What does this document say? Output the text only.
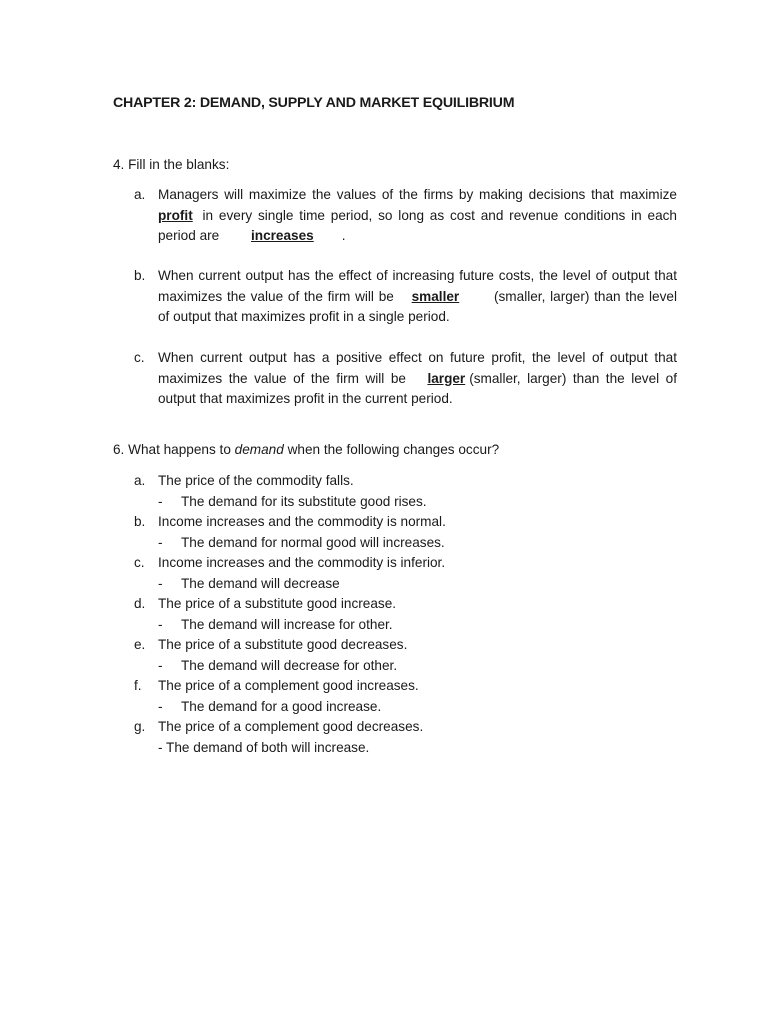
CHAPTER 2: DEMAND, SUPPLY AND MARKET EQUILIBRIUM

4. Fill in the blanks:

a. Managers will maximize the values of the firms by making decisions that maximize profit in every single time period, so long as cost and revenue conditions in each period are increases .
b. When current output has the effect of increasing future costs, the level of output that maximizes the value of the firm will be smaller (smaller, larger) than the level of output that maximizes profit in a single period.
c. When current output has a positive effect on future profit, the level of output that maximizes the value of the firm will be larger (smaller, larger) than the level of output that maximizes profit in the current period.

6. What happens to demand when the following changes occur?

a. The price of the commodity falls.
- The demand for its substitute good rises.
b. Income increases and the commodity is normal.
- The demand for normal good will increases.
c. Income increases and the commodity is inferior.
- The demand will decrease
d. The price of a substitute good increase.
- The demand will increase for other.
e. The price of a substitute good decreases.
- The demand will decrease for other.
f. The price of a complement good increases.
- The demand for a good increase.
g. The price of a complement good decreases.
- The demand of both will increase.
